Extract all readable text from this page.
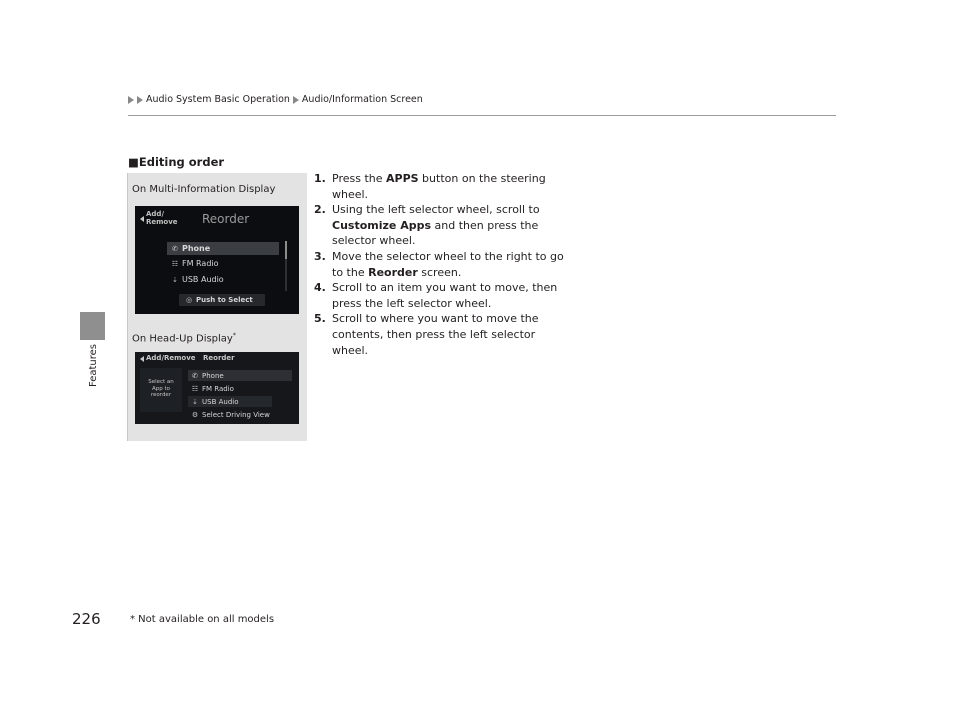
Audio System Basic Operation Audio/Information Screen
Features
■Editing order
On Multi-Information Display
Add/
Remove Reorder
✆ Phone
☷ FM Radio
⇣ USB Audio
◎ Push to Select
On Head-Up Display*
Add/Remove Reorder
Select an
App to
reorder
✆ Phone
☷ FM Radio
⇣ USB Audio
⚙ Select Driving View
1. Press the APPS button on the steering wheel.
2. Using the left selector wheel, scroll to Customize Apps and then press the selector wheel.
3. Move the selector wheel to the right to go to the Reorder screen.
4. Scroll to an item you want to move, then press the left selector wheel.
5. Scroll to where you want to move the contents, then press the left selector wheel.
226	* Not available on all models
